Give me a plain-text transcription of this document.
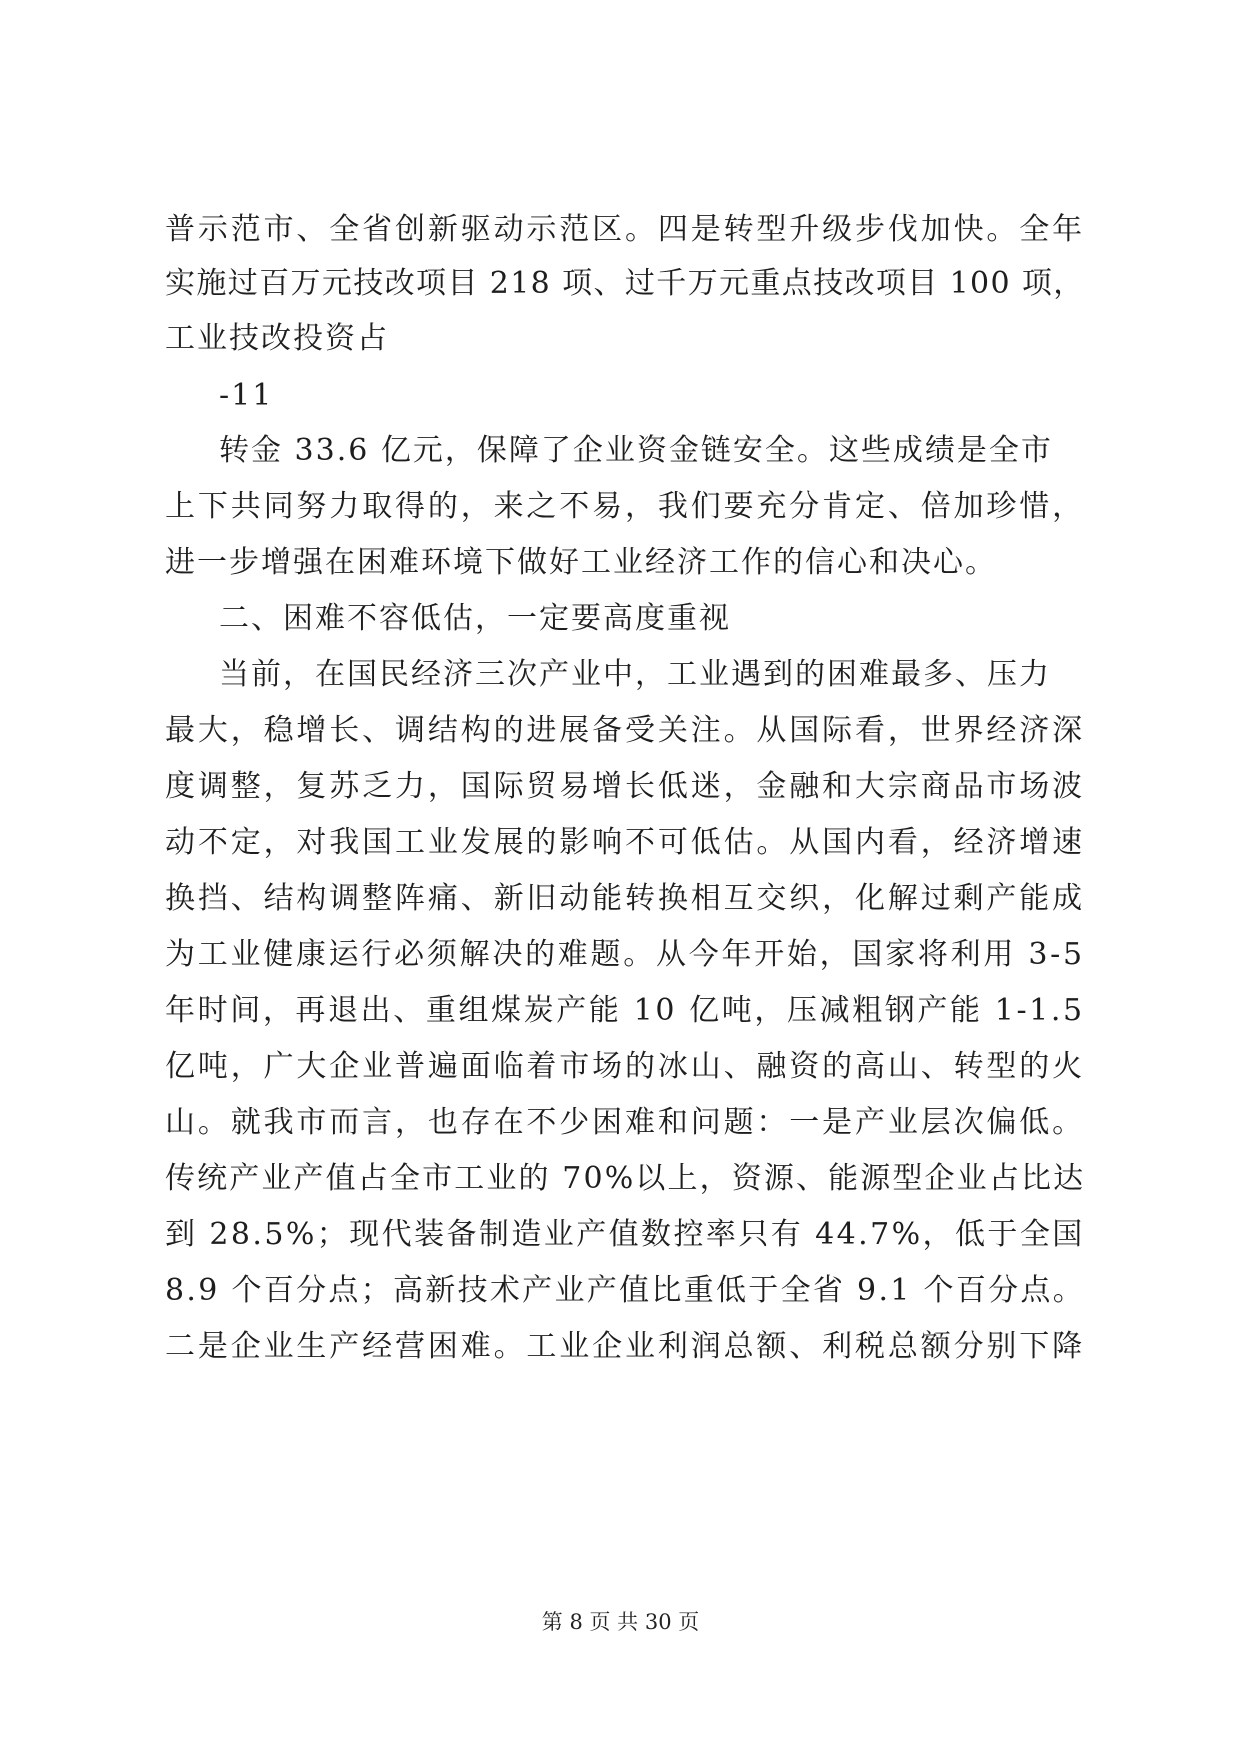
普示范市、全省创新驱动示范区。四是转型升级步伐加快。全年
实施过百万元技改项目 218 项、过千万元重点技改项目 100 项，
工业技改投资占
-11
转金 33.6 亿元，保障了企业资金链安全。这些成绩是全市
上下共同努力取得的，来之不易，我们要充分肯定、倍加珍惜，
进一步增强在困难环境下做好工业经济工作的信心和决心。
二、困难不容低估，一定要高度重视
当前，在国民经济三次产业中，工业遇到的困难最多、压力
最大，稳增长、调结构的进展备受关注。从国际看，世界经济深
度调整，复苏乏力，国际贸易增长低迷，金融和大宗商品市场波
动不定，对我国工业发展的影响不可低估。从国内看，经济增速
换挡、结构调整阵痛、新旧动能转换相互交织，化解过剩产能成
为工业健康运行必须解决的难题。从今年开始，国家将利用 3-5
年时间，再退出、重组煤炭产能 10 亿吨，压减粗钢产能 1-1.5
亿吨，广大企业普遍面临着市场的冰山、融资的高山、转型的火
山。就我市而言，也存在不少困难和问题：一是产业层次偏低。
传统产业产值占全市工业的 70%以上，资源、能源型企业占比达
到 28.5%；现代装备制造业产值数控率只有 44.7%，低于全国
8.9 个百分点；高新技术产业产值比重低于全省 9.1 个百分点。
二是企业生产经营困难。工业企业利润总额、利税总额分别下降
第 8 页 共 30 页
